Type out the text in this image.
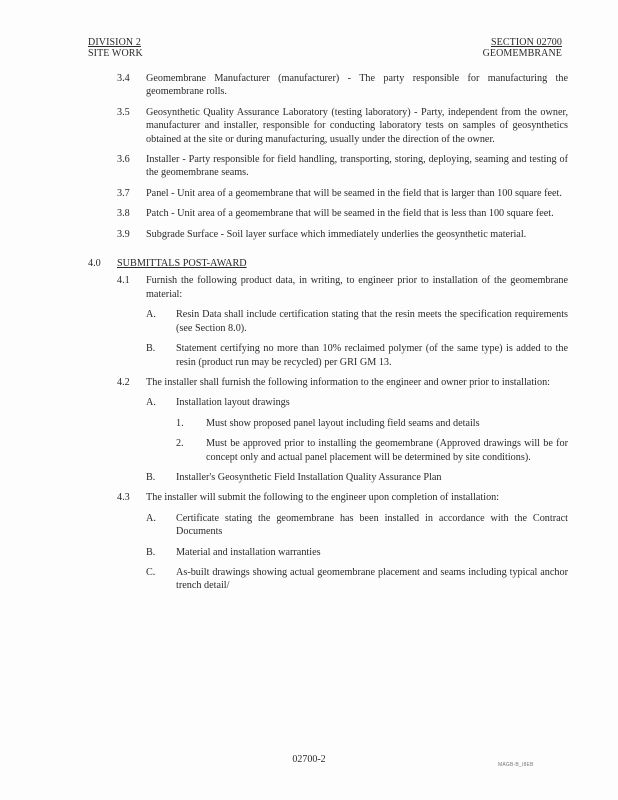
DIVISION 2
SITE WORK
SECTION 02700
GEOMEMBRANE
3.4 Geomembrane Manufacturer (manufacturer) - The party responsible for manufacturing the geomembrane rolls.
3.5 Geosynthetic Quality Assurance Laboratory (testing laboratory) - Party, independent from the owner, manufacturer and installer, responsible for conducting laboratory tests on samples of geosynthetics obtained at the site or during manufacturing, usually under the direction of the owner.
3.6 Installer - Party responsible for field handling, transporting, storing, deploying, seaming and testing of the geomembrane seams.
3.7 Panel - Unit area of a geomembrane that will be seamed in the field that is larger than 100 square feet.
3.8 Patch - Unit area of a geomembrane that will be seamed in the field that is less than 100 square feet.
3.9 Subgrade Surface - Soil layer surface which immediately underlies the geosynthetic material.
4.0 SUBMITTALS POST-AWARD
4.1 Furnish the following product data, in writing, to engineer prior to installation of the geomembrane material:
A. Resin Data shall include certification stating that the resin meets the specification requirements (see Section 8.0).
B. Statement certifying no more than 10% reclaimed polymer (of the same type) is added to the resin (product run may be recycled) per GRI GM 13.
4.2 The installer shall furnish the following information to the engineer and owner prior to installation:
A. Installation layout drawings
1. Must show proposed panel layout including field seams and details
2. Must be approved prior to installing the geomembrane (Approved drawings will be for concept only and actual panel placement will be determined by site conditions).
B. Installer's Geosynthetic Field Installation Quality Assurance Plan
4.3 The installer will submit the following to the engineer upon completion of installation:
A. Certificate stating the geomembrane has been installed in accordance with the Contract Documents
B. Material and installation warranties
C. As-built drawings showing actual geomembrane placement and seams including typical anchor trench detail/
02700-2	MAGB-B_I8EB
